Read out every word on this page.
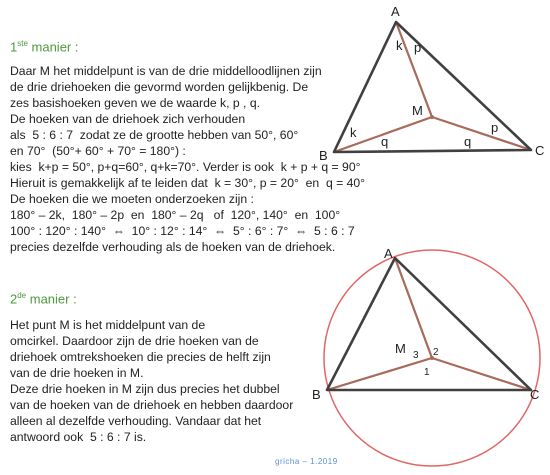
1ste manier :
Daar M het middelpunt is van de drie middelloodlijnen zijn
de drie driehoeken die gevormd worden gelijkbenig. De
zes basishoeken geven we de waarde k, p , q.
De hoeken van de driehoek zich verhouden
als  5 : 6 : 7  zodat ze de grootte hebben van 50°, 60°
en 70°  (50°+ 60° + 70° = 180°) :
kies  k+p = 50°, p+q=60°, q+k=70°. Verder is ook  k + p + q = 90°
Hieruit is gemakkelijk af te leiden dat  k = 30°, p = 20°  en  q = 40°
De hoeken die we moeten onderzoeken zijn :
180° – 2k,  180° – 2p  en  180° – 2q   of  120°, 140°  en  100°
100° : 120° : 140°  ⇔  10° : 12° : 14°  ⇔  5° : 6° : 7°  ⇔  5 : 6 : 7
precies dezelfde verhouding als de hoeken van de driehoek.
2de manier :
Het punt M is het middelpunt van de
omcirkel. Daardoor zijn de drie hoeken van de
driehoek omtrekshoeken die precies de helft zijn
van de drie hoeken in M.
Deze drie hoeken in M zijn dus precies het dubbel
van de hoeken van de driehoek en hebben daardoor
alleen al dezelfde verhouding. Vandaar dat het
antwoord ook  5 : 6 : 7 is.
A
B	C
M
k p
k
q	q
p
A
B	C
M 3 2
1
gricha – 1.2019
